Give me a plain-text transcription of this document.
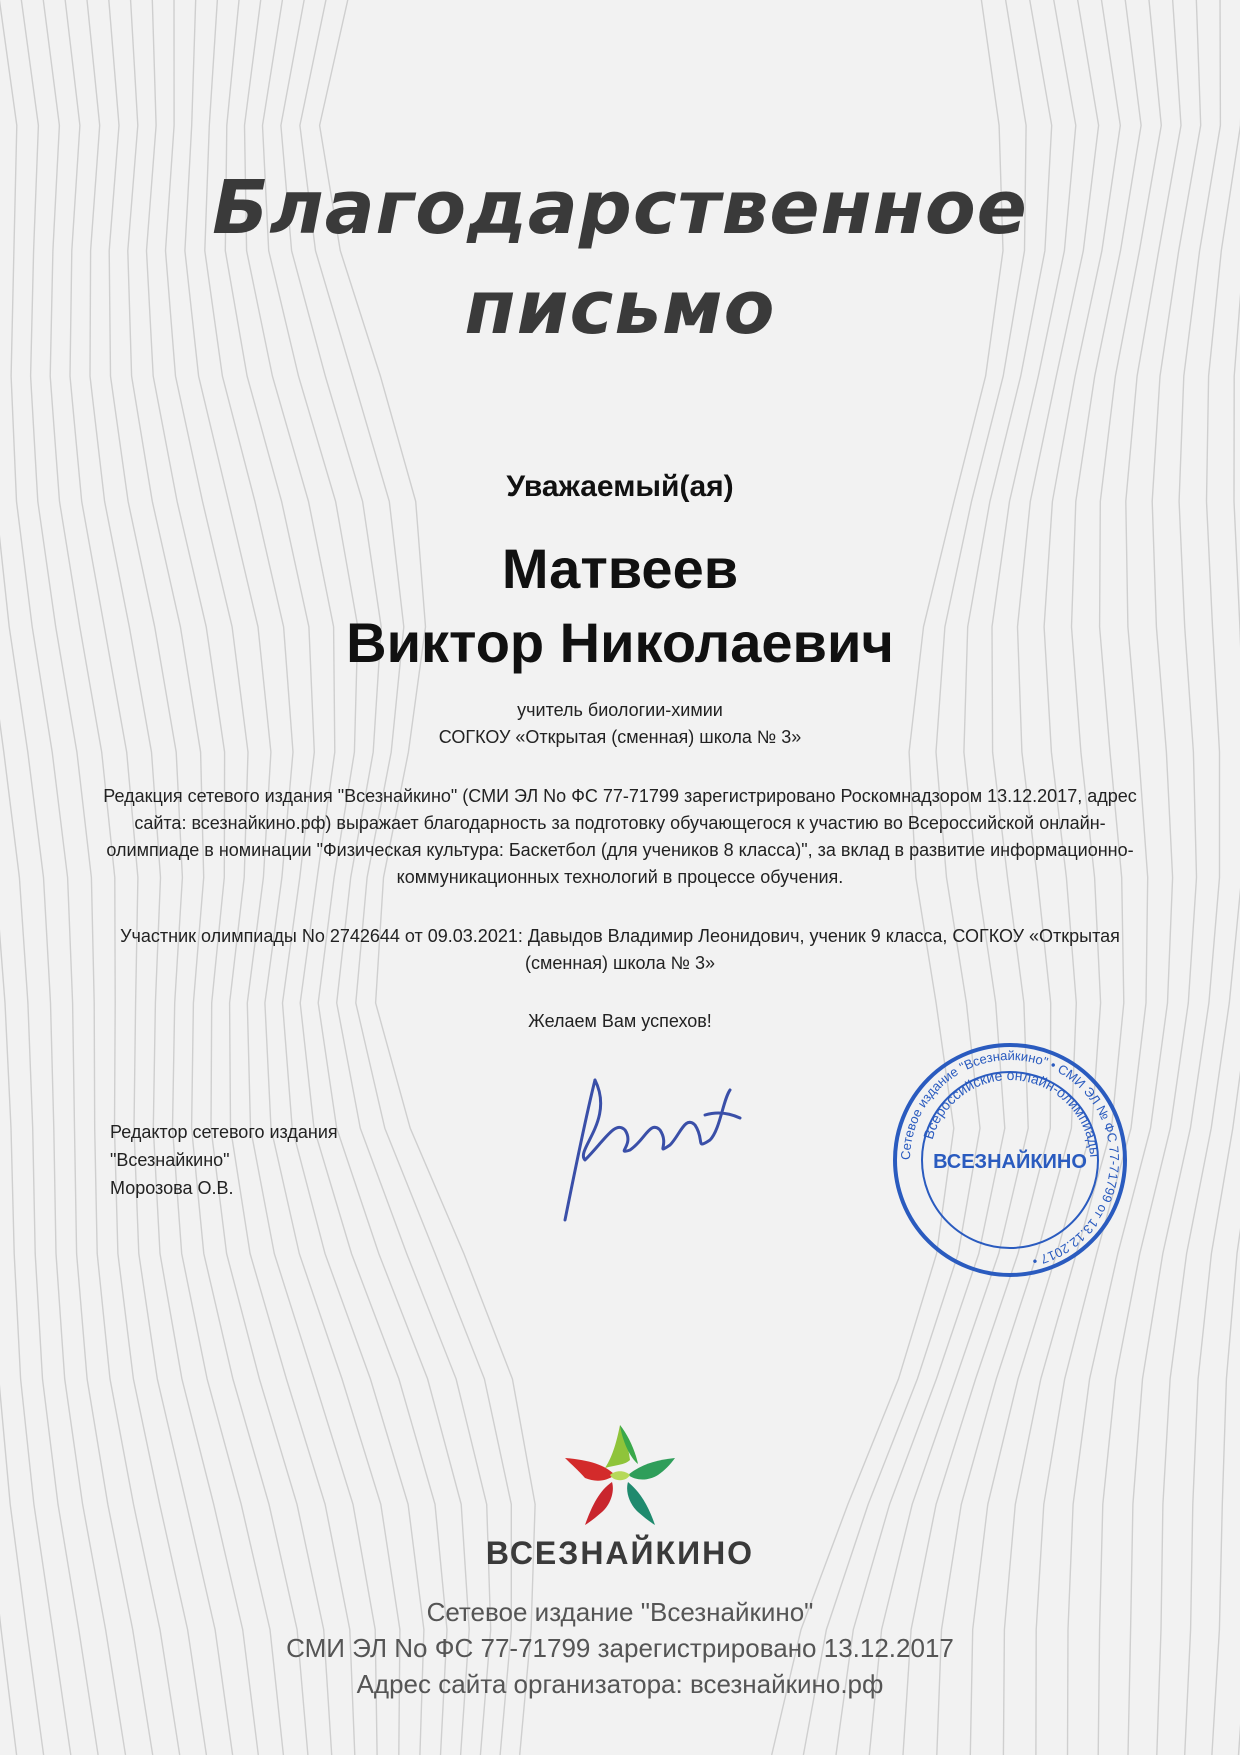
Благодарственное
письмо
Уважаемый(ая)
Матвеев
Виктор Николаевич
учитель биологии-химии
СОГКОУ «Открытая (сменная) школа № 3»
Редакция сетевого издания "Всезнайкино" (СМИ ЭЛ No ФС 77-71799 зарегистрировано Роскомнадзором 13.12.2017, адрес сайта: всезнайкино.рф) выражает благодарность за подготовку обучающегося к участию во Всероссийской онлайн-олимпиаде в номинации "Физическая культура: Баскетбол (для учеников 8 класса)", за вклад в развитие информационно-коммуникационных технологий в процессе обучения.
Участник олимпиады No 2742644 от 09.03.2021: Давыдов Владимир Леонидович, ученик 9 класса, СОГКОУ «Открытая (сменная) школа № 3»
Желаем Вам успехов!
Редактор сетевого издания
"Всезнайкино"
Морозова О.В.
Сетевое издание "Всезнайкино" • СМИ ЭЛ № ФС 77-71799 от 13.12.2017 •
Всероссийские онлайн-олимпиады
ВСЕЗНАЙКИНО
ВСЕЗНАЙКИНО
Сетевое издание "Всезнайкино"
СМИ ЭЛ No ФС 77-71799 зарегистрировано 13.12.2017
Адрес сайта организатора: всезнайкино.рф
